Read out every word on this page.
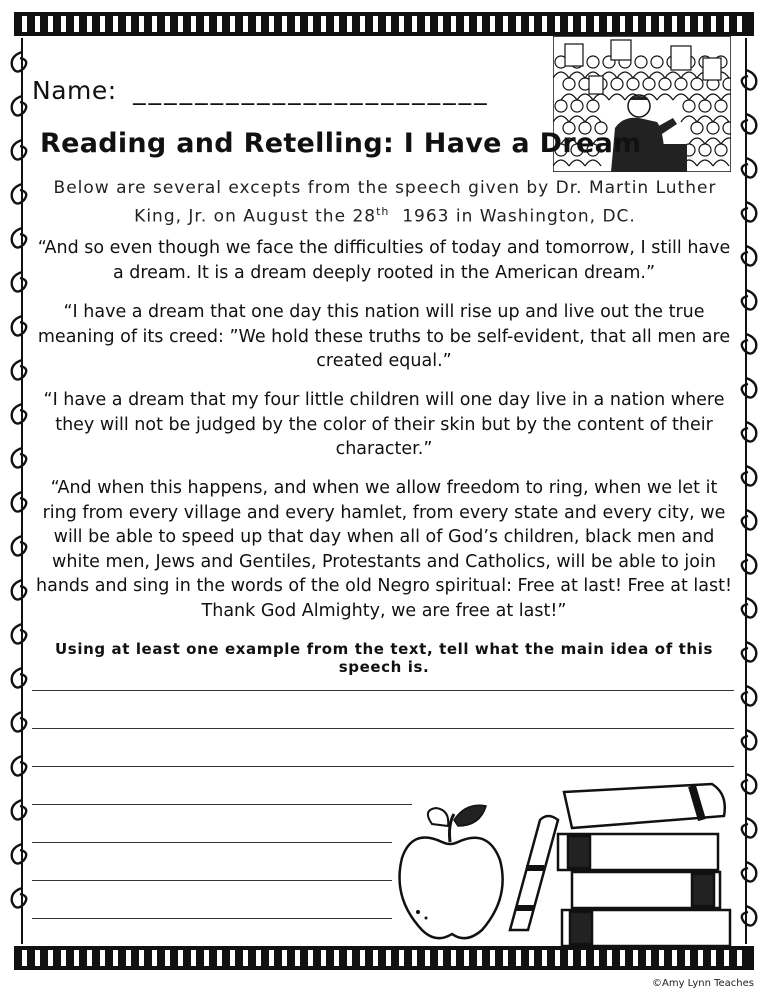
Name: _______________________
Reading and Retelling: I Have a Dream
Below are several excepts from the speech given by Dr. Martin Luther King, Jr. on August the 28th 1963 in Washington, DC.
“And so even though we face the difficulties of today and tomorrow, I still have a dream. It is a dream deeply rooted in the American dream.”
“I have a dream that one day this nation will rise up and live out the true meaning of its creed: ”We hold these truths to be self-evident, that all men are created equal.”
“I have a dream that my four little children will one day live in a nation where they will not be judged by the color of their skin but by the content of their character.”
“And when this happens, and when we allow freedom to ring, when we let it ring from every village and every hamlet, from every state and every city, we will be able to speed up that day when all of God’s children, black men and white men, Jews and Gentiles, Protestants and Catholics, will be able to join hands and sing in the words of the old Negro spiritual: Free at last! Free at last! Thank God Almighty, we are free at last!”
Using at least one example from the text, tell what the main idea of this speech is.
©Amy Lynn Teaches
